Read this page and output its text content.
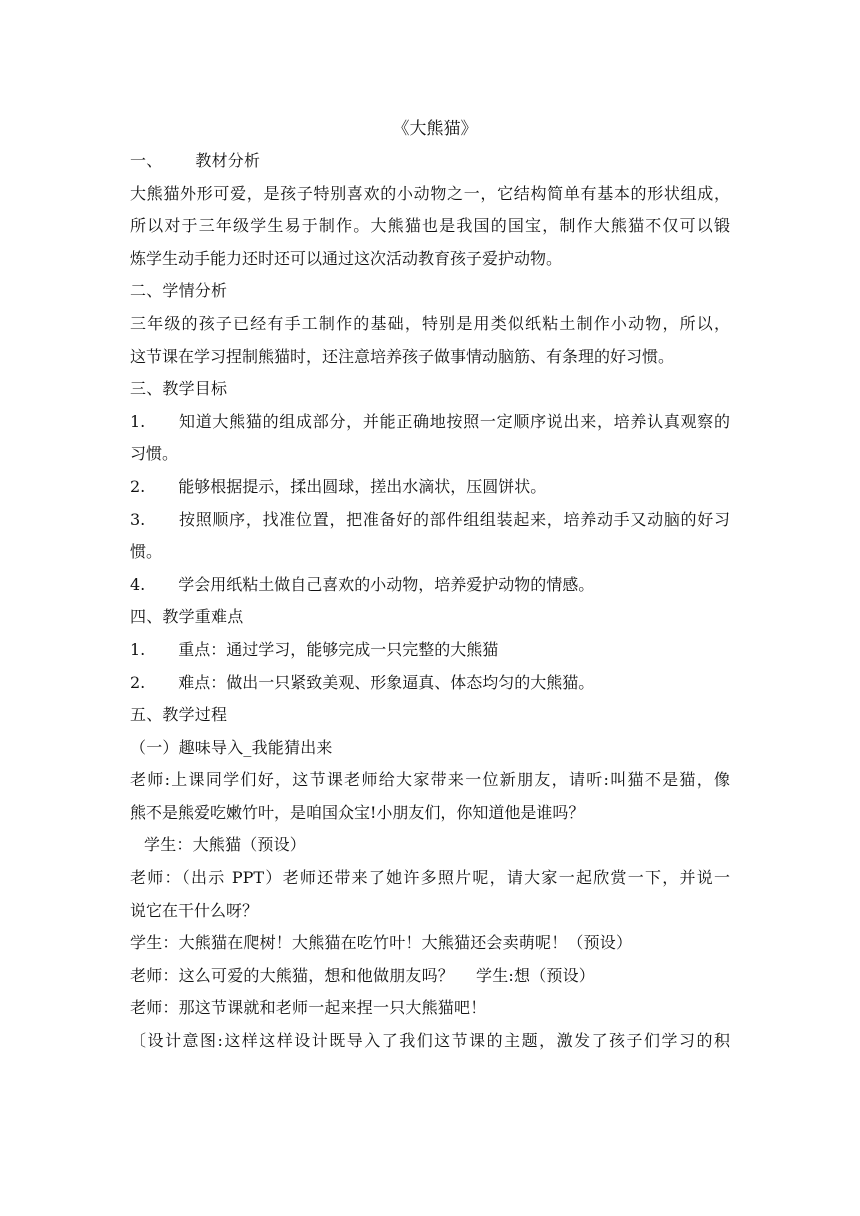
《大熊猫》

一、 教材分析
大熊猫外形可爱，是孩子特别喜欢的小动物之一，它结构简单有基本的形状组成，
所以对于三年级学生易于制作。大熊猫也是我国的国宝，制作大熊猫不仅可以锻
炼学生动手能力还时还可以通过这次活动教育孩子爱护动物。
二、学情分析
三年级的孩子已经有手工制作的基础，特别是用类似纸粘土制作小动物，所以，
这节课在学习捏制熊猫时，还注意培养孩子做事情动脑筋、有条理的好习惯。
三、教学目标
1. 知道大熊猫的组成部分，并能正确地按照一定顺序说出来，培养认真观察的
习惯。
2. 能够根据提示，揉出圆球，搓出水滴状，压圆饼状。
3. 按照顺序，找准位置，把准备好的部件组组装起来，培养动手又动脑的好习
惯。
4. 学会用纸粘土做自己喜欢的小动物，培养爱护动物的情感。
四、教学重难点
1. 重点：通过学习，能够完成一只完整的大熊猫
2. 难点：做出一只紧致美观、形象逼真、体态均匀的大熊猫。
五、教学过程
（一）趣味导入_我能猜出来
老师:上课同学们好，这节课老师给大家带来一位新朋友，请听:叫猫不是猫，像
熊不是熊爱吃嫩竹叶，是咱国众宝!小朋友们，你知道他是谁吗？
学生：大熊猫（预设）
老师：（出示 PPT）老师还带来了她许多照片呢，请大家一起欣赏一下，并说一
说它在干什么呀？
学生：大熊猫在爬树！大熊猫在吃竹叶！大熊猫还会卖萌呢！（预设）
老师：这么可爱的大熊猫，想和他做朋友吗？ 学生:想（预设）
老师：那这节课就和老师一起来捏一只大熊猫吧！
〔设计意图:这样这样设计既导入了我们这节课的主题，激发了孩子们学习的积
